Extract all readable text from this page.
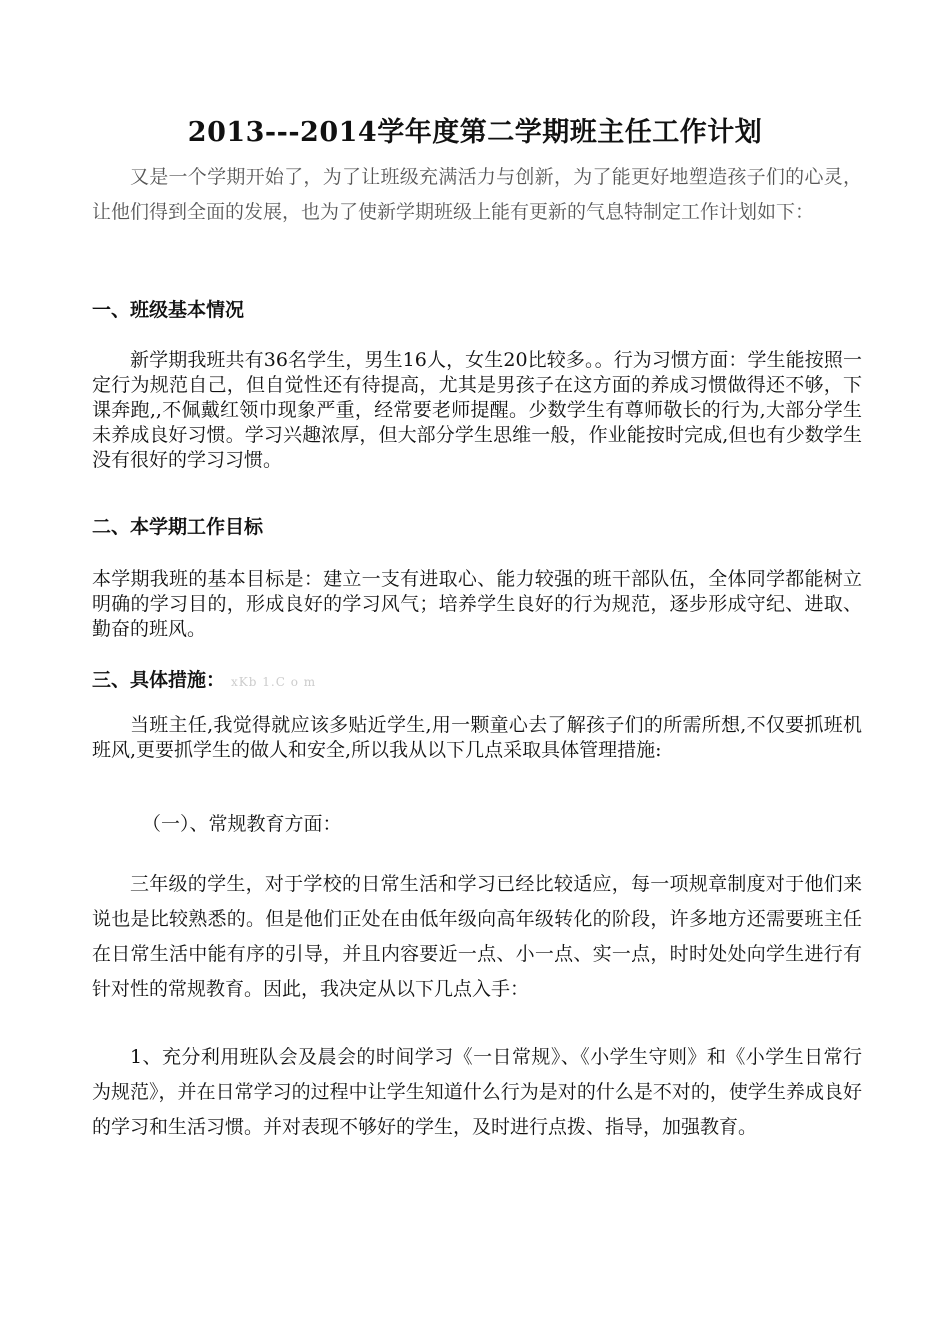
2013---2014学年度第二学期班主任工作计划
又是一个学期开始了，为了让班级充满活力与创新，为了能更好地塑造孩子们的心灵，让他们得到全面的发展，也为了使新学期班级上能有更新的气息特制定工作计划如下：
一、班级基本情况
新学期我班共有36名学生，男生16人，女生20比较多。。行为习惯方面：学生能按照一定行为规范自己，但自觉性还有待提高，尤其是男孩子在这方面的养成习惯做得还不够，下课奔跑,,不佩戴红领巾现象严重，经常要老师提醒。少数学生有尊师敬长的行为,大部分学生未养成良好习惯。学习兴趣浓厚，但大部分学生思维一般，作业能按时完成,但也有少数学生没有很好的学习习惯。
二、本学期工作目标
本学期我班的基本目标是：建立一支有进取心、能力较强的班干部队伍，全体同学都能树立明确的学习目的，形成良好的学习风气；培养学生良好的行为规范，逐步形成守纪、进取、勤奋的班风。
三、具体措施： xKb 1.C o m
当班主任,我觉得就应该多贴近学生,用一颗童心去了解孩子们的所需所想,不仅要抓班机班风,更要抓学生的做人和安全,所以我从以下几点采取具体管理措施:
（一）、常规教育方面：
三年级的学生，对于学校的日常生活和学习已经比较适应，每一项规章制度对于他们来说也是比较熟悉的。但是他们正处在由低年级向高年级转化的阶段，许多地方还需要班主任在日常生活中能有序的引导，并且内容要近一点、小一点、实一点，时时处处向学生进行有针对性的常规教育。因此，我决定从以下几点入手：
1、充分利用班队会及晨会的时间学习《一日常规》、《小学生守则》和《小学生日常行为规范》，并在日常学习的过程中让学生知道什么行为是对的什么是不对的，使学生养成良好的学习和生活习惯。并对表现不够好的学生，及时进行点拨、指导，加强教育。
